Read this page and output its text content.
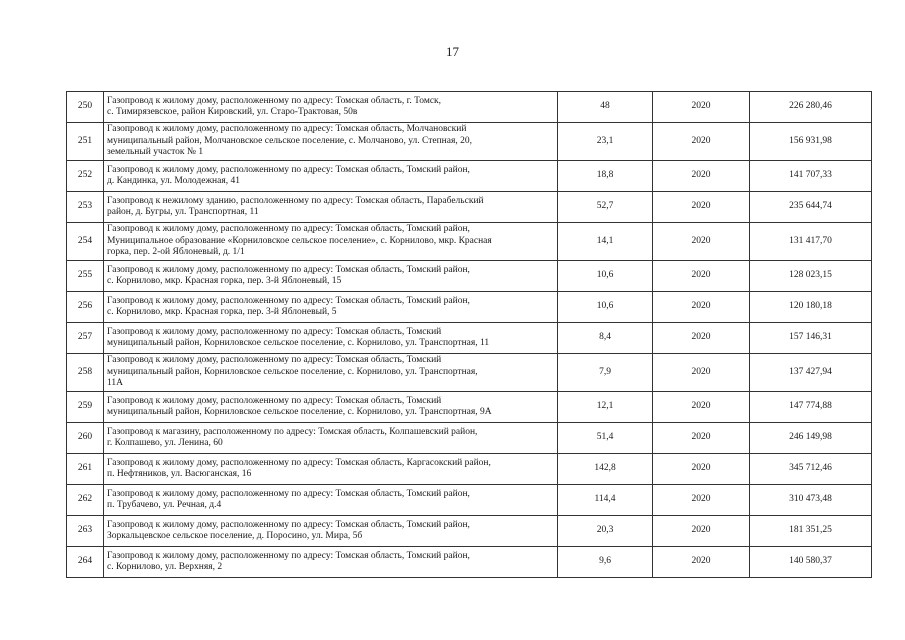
17
250	Газопровод к жилому дому, расположенному по адресу: Томская область, г. Томск,
с. Тимирязевское, район Кировский, ул. Старо-Трактовая, 50в	48	2020	226 280,46
251	Газопровод к жилому дому, расположенному по адресу: Томская область, Молчановский
муниципальный район, Молчановское сельское поселение, с. Молчаново, ул. Степная, 20,
земельный участок № 1	23,1	2020	156 931,98
252	Газопровод к жилому дому, расположенному по адресу: Томская область, Томский район,
д. Кандинка, ул. Молодежная, 41	18,8	2020	141 707,33
253	Газопровод к нежилому зданию, расположенному по адресу: Томская область, Парабельский
район, д. Бугры, ул. Транспортная, 11	52,7	2020	235 644,74
254	Газопровод к жилому дому, расположенному по адресу: Томская область, Томский район,
Муниципальное образование «Корниловское сельское поселение», с. Корнилово, мкр. Красная
горка, пер. 2-ой Яблоневый, д. 1/1	14,1	2020	131 417,70
255	Газопровод к жилому дому, расположенному по адресу: Томская область, Томский район,
с. Корнилово, мкр. Красная горка, пер. 3-й Яблоневый, 15	10,6	2020	128 023,15
256	Газопровод к жилому дому, расположенному по адресу: Томская область, Томский район,
с. Корнилово, мкр. Красная горка, пер. 3-й Яблоневый, 5	10,6	2020	120 180,18
257	Газопровод к жилому дому, расположенному по адресу: Томская область, Томский
муниципальный район, Корниловское сельское поселение, с. Корнилово, ул. Транспортная, 11	8,4	2020	157 146,31
258	Газопровод к жилому дому, расположенному по адресу: Томская область, Томский
муниципальный район, Корниловское сельское поселение, с. Корнилово, ул. Транспортная,
11А	7,9	2020	137 427,94
259	Газопровод к жилому дому, расположенному по адресу: Томская область, Томский
муниципальный район, Корниловское сельское поселение, с. Корнилово, ул. Транспортная, 9А	12,1	2020	147 774,88
260	Газопровод к магазину, расположенному по адресу: Томская область, Колпашевский район,
г. Колпашево, ул. Ленина, 60	51,4	2020	246 149,98
261	Газопровод к жилому дому, расположенному по адресу: Томская область, Каргасокский район,
п. Нефтяников, ул. Васюганская, 16	142,8	2020	345 712,46
262	Газопровод к жилому дому, расположенному по адресу: Томская область, Томский район,
п. Трубачево, ул. Речная, д.4	114,4	2020	310 473,48
263	Газопровод к жилому дому, расположенному по адресу: Томская область, Томский район,
Зоркальцевское сельское поселение, д. Поросино, ул. Мира, 5б	20,3	2020	181 351,25
264	Газопровод к жилому дому, расположенному по адресу: Томская область, Томский район,
с. Корнилово, ул. Верхняя, 2	9,6	2020	140 580,37
